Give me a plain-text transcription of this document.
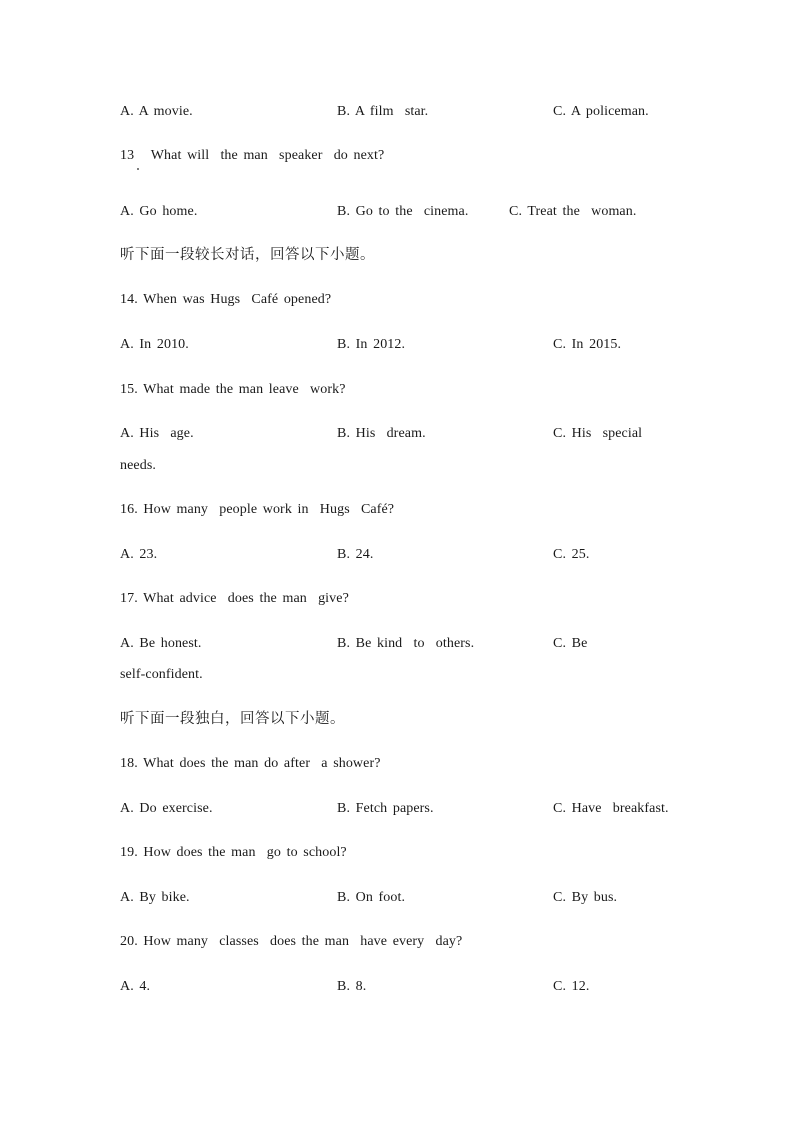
A. A movie.	B. A film  star.	C. A policeman.
13   What will  the man  speaker  do next?
A. Go home.	B. Go to the  cinema.	C. Treat the  woman.
听下面一段较长对话，回答以下小题。
14. When was Hugs  Café opened?
A. In 2010.	B. In 2012.	C. In 2015.
15. What made the man leave  work?
A. His  age.	B. His  dream.	C. His  special
needs.
16. How many  people work in  Hugs  Café?
A. 23.	B. 24.	C. 25.
17. What advice  does the man  give?
A. Be honest.	B. Be kind  to  others.	C. Be
self-confident.
听下面一段独白，回答以下小题。
18. What does the man do after  a shower?
A. Do exercise.	B. Fetch papers.	C. Have  breakfast.
19. How does the man  go to school?
A. By bike.	B. On foot.	C. By bus.
20. How many  classes  does the man  have every  day?
A. 4.	B. 8.	C. 12.
